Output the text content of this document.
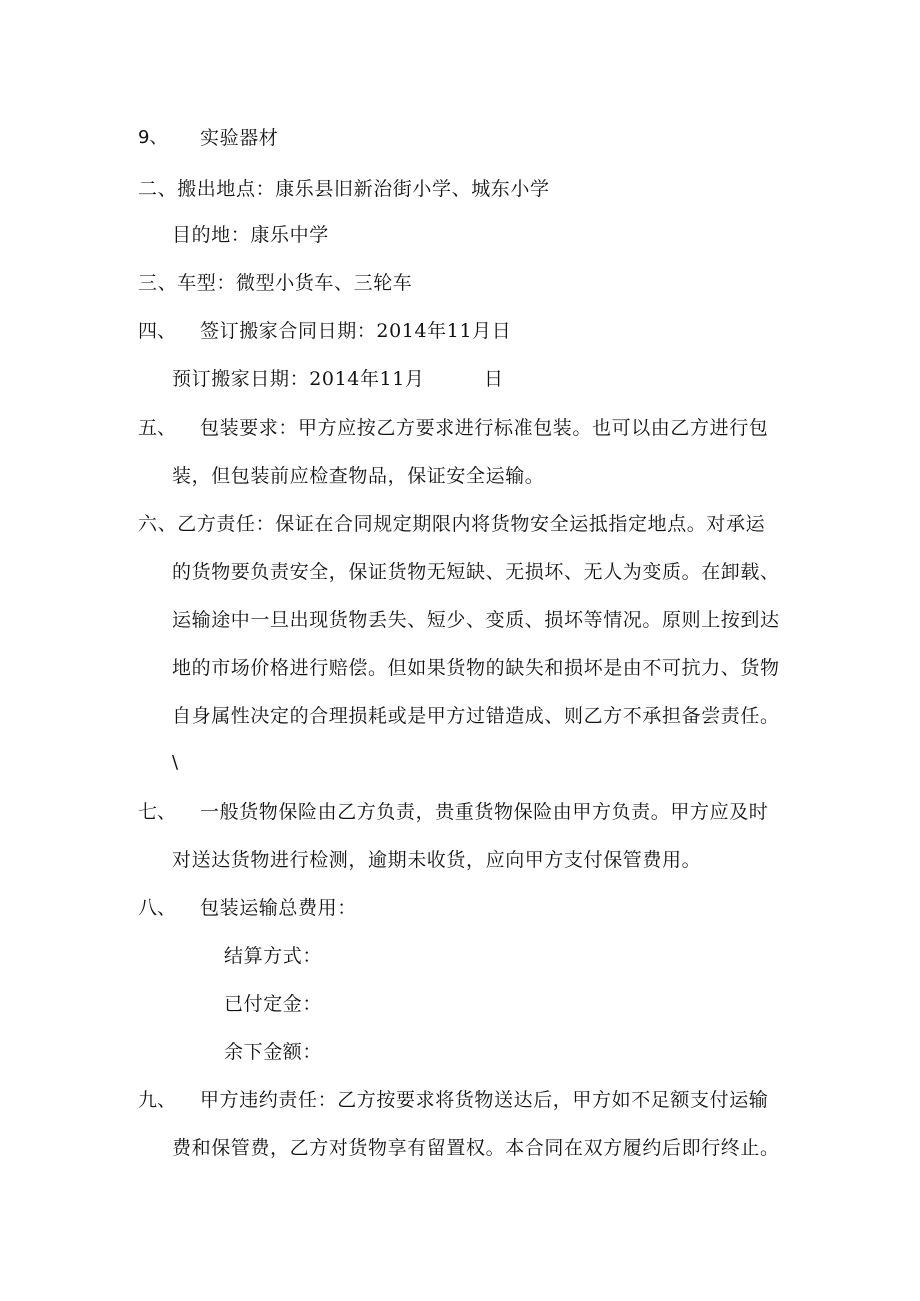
9、 实验器材
二、搬出地点：康乐县旧新治街小学、城东小学
目的地：康乐中学
三、车型：微型小货车、三轮车
四、 签订搬家合同日期：2014年11月日
预订搬家日期：2014年11月	日
五、 包装要求：甲方应按乙方要求进行标准包装。也可以由乙方进行包
装，但包装前应检查物品，保证安全运输。
六、乙方责任：保证在合同规定期限内将货物安全运抵指定地点。对承运
的货物要负责安全，保证货物无短缺、无损坏、无人为变质。在卸载、
运输途中一旦出现货物丢失、短少、变质、损坏等情况。原则上按到达
地的市场价格进行赔偿。但如果货物的缺失和损坏是由不可抗力、货物
自身属性决定的合理损耗或是甲方过错造成、则乙方不承担备尝责任。
\
七、 一般货物保险由乙方负责，贵重货物保险由甲方负责。甲方应及时
对送达货物进行检测，逾期未收货，应向甲方支付保管费用。
八、 包装运输总费用：
结算方式：
已付定金：
余下金额：
九、 甲方违约责任：乙方按要求将货物送达后，甲方如不足额支付运输
费和保管费，乙方对货物享有留置权。本合同在双方履约后即行终止。
